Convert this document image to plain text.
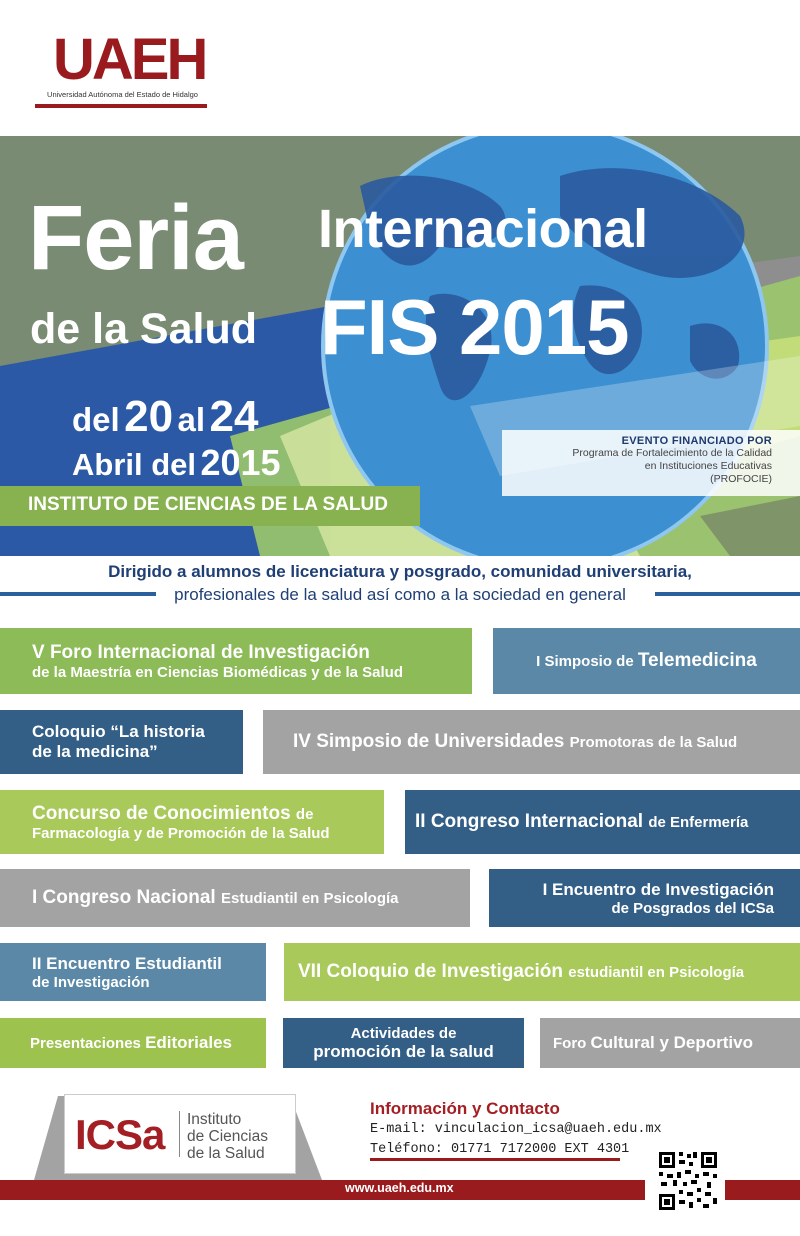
UAEH
Universidad Autónoma del Estado de Hidalgo
Feria Internacional
de la Salud FIS 2015
del 20 al 24
Abril del 2015
INSTITUTO DE CIENCIAS DE LA SALUD
EVENTO FINANCIADO POR
Programa de Fortalecimiento de la Calidad
en Instituciones Educativas
(PROFOCIE)
Dirigido a alumnos de licenciatura y posgrado, comunidad universitaria,
profesionales de la salud así como a la sociedad en general
V Foro Internacional de Investigación
de la Maestría en Ciencias Biomédicas y de la Salud
I Simposio de Telemedicina
Coloquio “La historia
de la medicina”	IV Simposio de Universidades Promotoras de la Salud
Concurso de Conocimientos de
Farmacología y de Promoción de la Salud
II Congreso Internacional de Enfermería
I Congreso Nacional Estudiantil en Psicología	I Encuentro de Investigación
de Posgrados del ICSa
II Encuentro Estudiantil
de Investigación	VII Coloquio de Investigación estudiantil en Psicología
Presentaciones Editoriales	Actividades de
promoción de la salud	Foro Cultural y Deportivo
ICSa Instituto
de Ciencias
de la Salud
Información y Contacto
E-mail: vinculacion_icsa@uaeh.edu.mx
Teléfono: 01771 7172000 EXT 4301
www.uaeh.edu.mx
